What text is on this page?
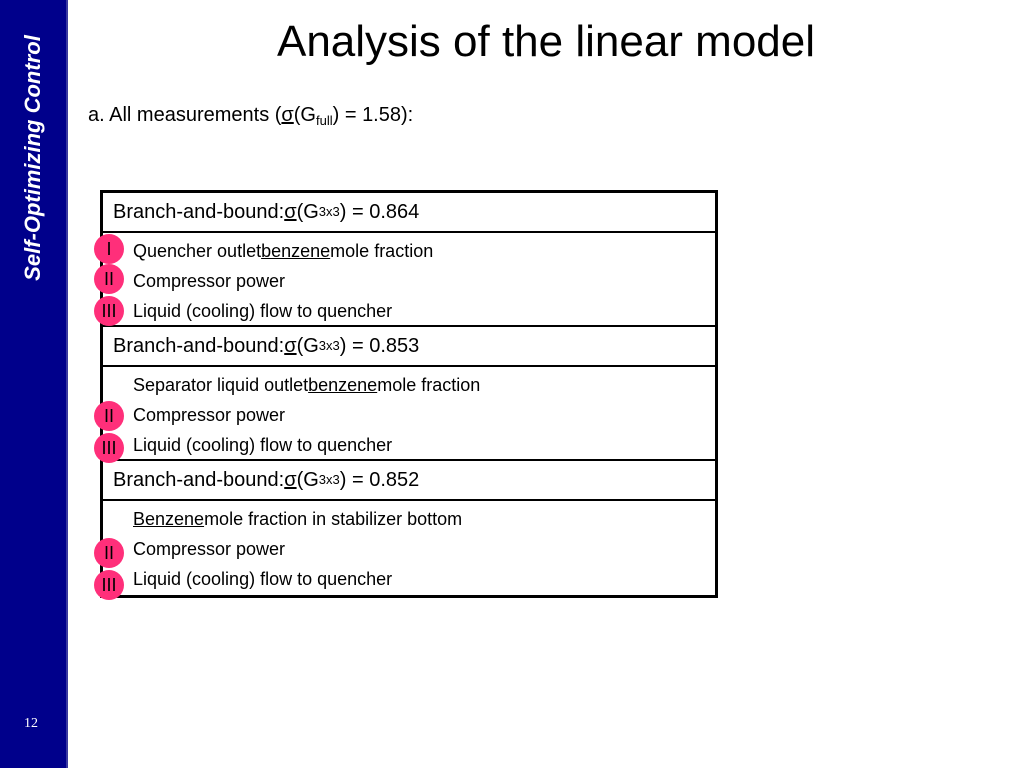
Self-Optimizing Control
12
Analysis of the linear model
a. All measurements $(\sigma(G_{full}) = 1.58)$:
Branch-and-bound: σ (G 3x3 ) = 0.864
Quencher outlet benzene mole fraction
Compressor power
Liquid (cooling) flow to quencher
Branch-and-bound: σ (G 3x3 ) = 0.853
Separator liquid outlet benzene mole fraction
Compressor power
Liquid (cooling) flow to quencher
Branch-and-bound: σ (G 3x3 ) = 0.852
Benzene mole fraction in stabilizer bottom
Compressor power
Liquid (cooling) flow to quencher
I
II
III
II
III
II
III
